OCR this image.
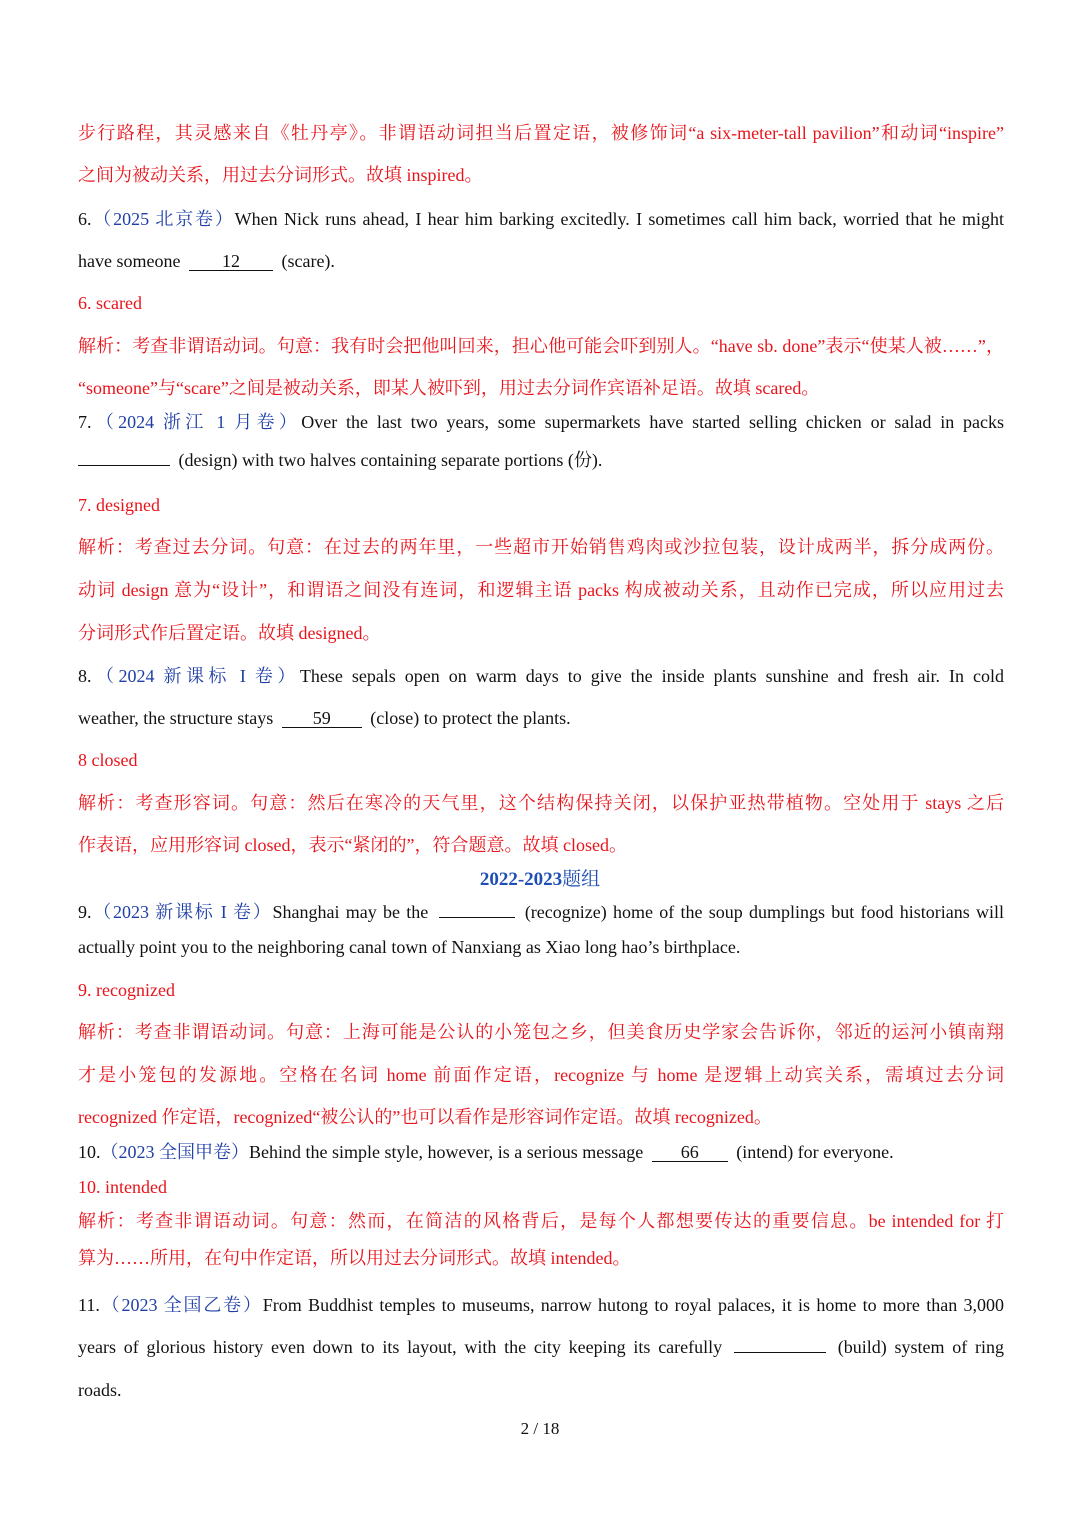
步行路程，其灵感来自《牡丹亭》。非谓语动词担当后置定语，被修饰词“a six-meter-tall pavilion”和动词“inspire”
之间为被动关系，用过去分词形式。故填 inspired。
6.（2025 北京卷）When Nick runs ahead, I hear him barking excitedly. I sometimes call him back, worried that he might
have someone 12 (scare).
6. scared
解析：考查非谓语动词。句意：我有时会把他叫回来，担心他可能会吓到别人。“have sb. done”表示“使某人被……”，
“someone”与“scare”之间是被动关系，即某人被吓到，用过去分词作宾语补足语。故填 scared。
7.（2024 浙江 1 月卷）Over the last two years, some supermarkets have started selling chicken or salad in packs
(design) with two halves containing separate portions (份).
7. designed
解析：考查过去分词。句意：在过去的两年里，一些超市开始销售鸡肉或沙拉包装，设计成两半，拆分成两份。
动词 design 意为“设计”，和谓语之间没有连词，和逻辑主语 packs 构成被动关系，且动作已完成，所以应用过去
分词形式作后置定语。故填 designed。
8.（2024 新课标 I 卷）These sepals open on warm days to give the inside plants sunshine and fresh air. In cold
weather, the structure stays 59 (close) to protect the plants.
8 closed
解析：考查形容词。句意：然后在寒冷的天气里，这个结构保持关闭，以保护亚热带植物。空处用于 stays 之后
作表语，应用形容词 closed，表示“紧闭的”，符合题意。故填 closed。
2022-2023题组
9.（2023 新课标 I 卷）Shanghai may be the	(recognize) home of the soup dumplings but food historians will
actually point you to the neighboring canal town of Nanxiang as Xiao long hao’s birthplace.
9. recognized
解析：考查非谓语动词。句意：上海可能是公认的小笼包之乡，但美食历史学家会告诉你，邻近的运河小镇南翔
才是小笼包的发源地。空格在名词 home 前面作定语，recognize 与 home 是逻辑上动宾关系，需填过去分词
recognized 作定语，recognized“被公认的”也可以看作是形容词作定语。故填 recognized。
10.（2023 全国甲卷）Behind the simple style, however, is a serious message 66 (intend) for everyone.
10. intended
解析：考查非谓语动词。句意：然而，在简洁的风格背后，是每个人都想要传达的重要信息。be intended for 打
算为……所用，在句中作定语，所以用过去分词形式。故填 intended。
11.（2023 全国乙卷）From Buddhist temples to museums, narrow hutong to royal palaces, it is home to more than 3,000
years of glorious history even down to its layout, with the city keeping its carefully	(build) system of ring
roads.
2 / 18
